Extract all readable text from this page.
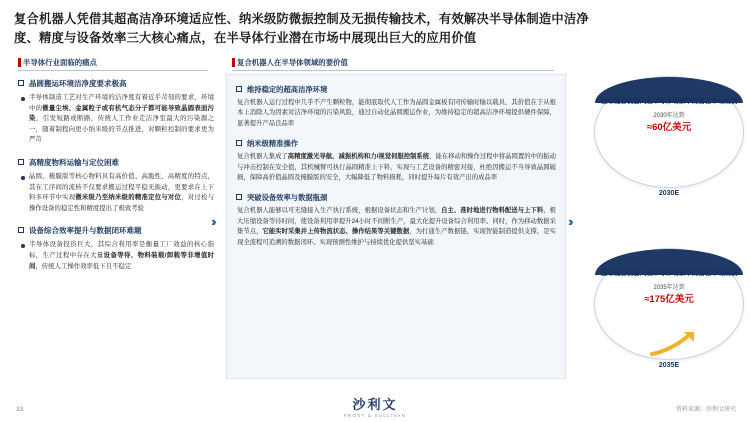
复合机器人凭借其超高洁净环境适应性、纳米级防微振控制及无损传输技术，有效解决半导体制造中洁净
度、精度与设备效率三大核心痛点，在半导体行业潜在市场中展现出巨大的应用价值
半导体行业面临的痛点	复合机器人在半导体领域的要价值
晶圆搬运环境洁净度要求极高
半导体制造工艺对生产环境的洁净度有着近乎苛刻的要求，环境中的微量尘埃、金属粒子或有机气态分子都可能导致晶圆表面污染，引发短路或断路，传统人工作业走洁净室最大的污染源之一，随着制程向更小纳米级的节点推进，对颗粒控制的要求更为严苛
高精度物料运输与定位困难
晶圆、掩膜版等核心物料具有高价值、高脆性、高精度的特点，其在工序间的流转不仅要求搬运过程平稳无振动，更要求在上下料多环节中实现微米级乃至纳米级的精准定位与对位，对过检与操作设备的稳定性和精度提出了极致考验
设备综合效率提升与数据闭环难题
半导体设备投资巨大，其综合利用率是衡量工厂效益的核心指标，生产过程中存在大量设备等待、物料装载/卸载等非增值时间，传统人工操作效率低下且不稳定
维持稳定的超高洁净环境
复合机器人运行过程中几乎不产生颗粒物，能彻底取代人工作为晶圆金属板有同传输时输以载具，其价值在于从根本上消除人为因素对洁净环境的污染风险，通过自动化晶圆搬运作业，为维持稳定的超高洁净环境提供硬件保障，显著提升产品良品率
纳米级精准操作
复合机器人集成了高精度激光导航、减振机构和力/视觉伺服控制系统，能在移动和操作过程中将晶圆置的中的振动与冲击控制在安全值，其机械臂可执行晶圆精准上下料，实现与工艺设备的精密对接，杜绝因搬运不当导致晶圆破损，保障高价值晶圆及掩膜版的安全，大幅降低了物料损耗，同时提升每片有效产出的成品率
突破设备效率与数据瓶颈
复合机器人能够以可无缝接入生产执行系统，根据设备状态和生产计划，自主、准时地进行物料配送与上下料，极大压缩设备等待时间，使设备利用率提升24小时不间断生产，最大化提升设备综合利用率。同时，作为移动数据采集节点，它能实时采集并上传物流状态、操作结果等关键数据，为打通生产数据链、实现智能制造提供支撑，是实现全流程可追溯的数据闭环、实现预测性维护与持续优化提供坚实基础
››	››
全球复合机器人在半导体场景下的潜在市场规模
2030年达到
≈60亿美元
2030E
全球复合机器人在半导体场景下的潜在市场规模
2035年达到
≈175亿美元
2035E
33	沙利文
FROST & SULLIVAN
资料来源：沙利文研究
